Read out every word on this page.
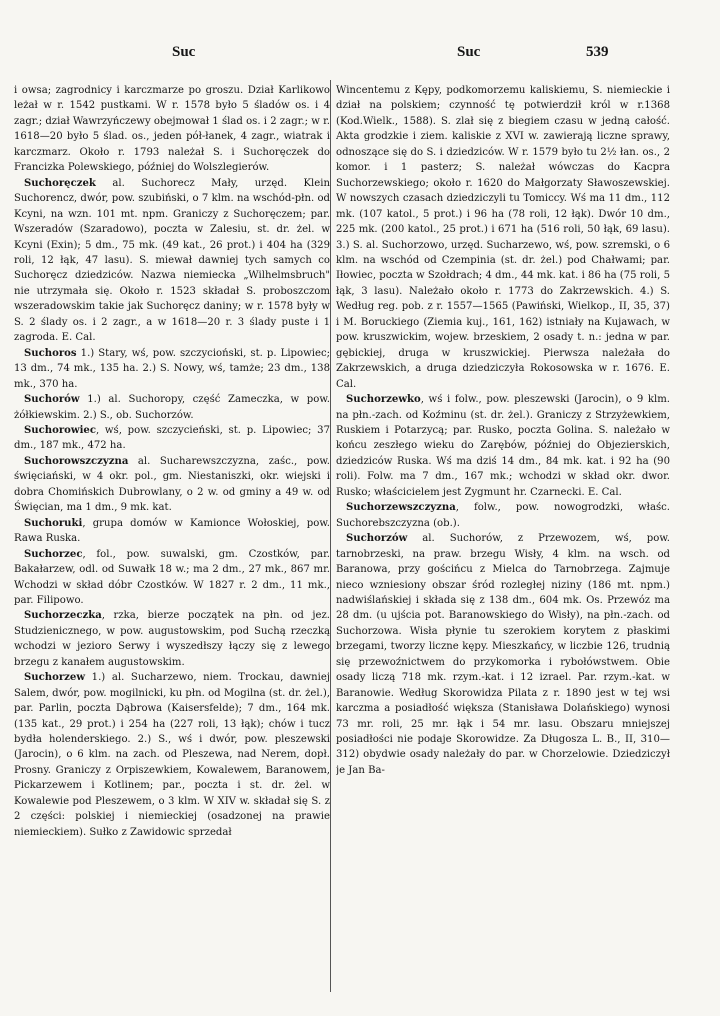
Suc	Suc	539

i owsa; zagrodnicy i karczmarze po groszu. Dział Karlikowo leżał w r. 1542 pustkami. W r. 1578 było 5 śladów os. i 4 zagr.; dział Wawrzyńczewy obejmował 1 ślad os. i 2 zagr.; w r. 1618—20 było 5 ślad. os., jeden pół-łanek, 4 zagr., wiatrak i karczmarz. Około r. 1793 należał S. i Suchoręczek do Francizka Polewskiego, później do Wolszlegierów.

Suchoręczek al. Suchorecz Mały, urzęd. Klein Suchorencz, dwór, pow. szubiński, o 7 klm. na wschód-płn. od Kcyni, na wzn. 101 mt. npm. Graniczy z Suchoręczem; par. Wszeradów (Szaradowo), poczta w Zalesiu, st. dr. żel. w Kcyni (Exin); 5 dm., 75 mk. (49 kat., 26 prot.) i 404 ha (329 roli, 12 łąk, 47 lasu). S. miewał dawniej tych samych co Suchoręcz dziedziców. Nazwa niemiecka „Wilhelmsbruch" nie utrzymała się. Około r. 1523 składał S. proboszczom wszeradowskim takie jak Suchoręcz daniny; w r. 1578 były w S. 2 ślady os. i 2 zagr., a w 1618—20 r. 3 ślady puste i 1 zagroda. E. Cal.

Suchoros 1.) Stary, wś, pow. szczycioński, st. p. Lipowiec; 13 dm., 74 mk., 135 ha. 2.) S. Nowy, wś, tamże; 23 dm., 138 mk., 370 ha.

Suchorów 1.) al. Suchoropy, część Zameczka, w pow. żółkiewskim. 2.) S., ob. Suchorzów.

Suchorowiec, wś, pow. szczycieński, st. p. Lipowiec; 37 dm., 187 mk., 472 ha.

Suchorowszczyzna al. Sucharewszczyzna, zaśc., pow. święciański, w 4 okr. pol., gm. Niestaniszki, okr. wiejski i dobra Chomińskich Dubrowlany, o 2 w. od gminy a 49 w. od Święcian, ma 1 dm., 9 mk. kat.

Suchoruki, grupa domów w Kamionce Wołoskiej, pow. Rawa Ruska.

Suchorzec, fol., pow. suwalski, gm. Czostków, par. Bakałarzew, odl. od Suwałk 18 w.; ma 2 dm., 27 mk., 867 mr. Wchodzi w skład dóbr Czostków. W 1827 r. 2 dm., 11 mk., par. Filipowo.

Suchorzeczka, rzka, bierze początek na płn. od jez. Studzienicznego, w pow. augustowskim, pod Suchą rzeczką wchodzi w jezioro Serwy i wyszedłszy łączy się z lewego brzegu z kanałem augustowskim.

Suchorzew 1.) al. Sucharzewo, niem. Trockau, dawniej Salem, dwór, pow. mogilnicki, ku płn. od Mogilna (st. dr. żel.), par. Parlin, poczta Dąbrowa (Kaisersfelde); 7 dm., 164 mk. (135 kat., 29 prot.) i 254 ha (227 roli, 13 łąk); chów i tucz bydła holenderskiego. 2.) S., wś i dwór, pow. pleszewski (Jarocin), o 6 klm. na zach. od Pleszewa, nad Nerem, dopł. Prosny. Graniczy z Orpiszewkiem, Kowalewem, Baranowem, Pickarzewem i Kotlinem; par., poczta i st. dr. żel. w Kowalewie pod Pleszewem, o 3 klm. W XIV w. składał się S. z 2 części: polskiej i niemieckiej (osadzonej na prawie niemieckiem). Sułko z Zawidowic sprzedał

Wincentemu z Kępy, podkomorzemu kaliskiemu, S. niemieckie i dział na polskiem; czynność tę potwierdził król w r.1368 (Kod.Wielk., 1588). S. zlał się z biegiem czasu w jedną całość. Akta grodzkie i ziem. kaliskie z XVI w. zawierają liczne sprawy, odnoszące się do S. i dziedziców. W r. 1579 było tu 2½ łan. os., 2 komor. i 1 pasterz; S. należał wówczas do Kacpra Suchorzewskiego; około r. 1620 do Małgorzaty Sławoszewskiej. W nowszych czasach dziedziczyli tu Tomiccy. Wś ma 11 dm., 112 mk. (107 katol., 5 prot.) i 96 ha (78 roli, 12 łąk). Dwór 10 dm., 225 mk. (200 katol., 25 prot.) i 671 ha (516 roli, 50 łąk, 69 lasu). 3.) S. al. Suchorzowo, urzęd. Sucharzewo, wś, pow. szremski, o 6 klm. na wschód od Czempinia (st. dr. żel.) pod Chałwami; par. Iłowiec, poczta w Szołdrach; 4 dm., 44 mk. kat. i 86 ha (75 roli, 5 łąk, 3 lasu). Należało około r. 1773 do Zakrzewskich. 4.) S. Według reg. pob. z r. 1557—1565 (Pawiński, Wielkop., II, 35, 37) i M. Boruckiego (Ziemia kuj., 161, 162) istniały na Kujawach, w pow. kruszwickim, wojew. brzeskiem, 2 osady t. n.: jedna w par. gębickiej, druga w kruszwickiej. Pierwsza należała do Zakrzewskich, a druga dziedziczyła Rokosowska w r. 1676. E. Cal.

Suchorzewko, wś i folw., pow. pleszewski (Jarocin), o 9 klm. na płn.-zach. od Koźminu (st. dr. żel.). Graniczy z Strzyżewkiem, Ruskiem i Potarzycą; par. Rusko, poczta Golina. S. należało w końcu zeszłego wieku do Zarębów, później do Objezierskich, dziedziców Ruska. Wś ma dziś 14 dm., 84 mk. kat. i 92 ha (90 roli). Folw. ma 7 dm., 167 mk.; wchodzi w skład okr. dwor. Rusko; właścicielem jest Zygmunt hr. Czarnecki. E. Cal.

Suchorzewszczyzna, folw., pow. nowogrodzki, właśc. Suchorebszczyzna (ob.).

Suchorzów al. Suchorów, z Przewozem, wś, pow. tarnobrzeski, na praw. brzegu Wisły, 4 klm. na wsch. od Baranowa, przy gościńcu z Mielca do Tarnobrzega. Zajmuje nieco wzniesiony obszar śród rozległej niziny (186 mt. npm.) nadwiślańskiej i składa się z 138 dm., 604 mk. Os. Przewóz ma 28 dm. (u ujścia pot. Baranowskiego do Wisły), na płn.-zach. od Suchorzowa. Wisła płynie tu szerokiem korytem z płaskimi brzegami, tworzy liczne kępy. Mieszkańcy, w liczbie 126, trudnią się przewoźnictwem do przykomorka i rybołówstwem. Obie osady liczą 718 mk. rzym.-kat. i 12 izrael. Par. rzym.-kat. w Baranowie. Według Skorowidza Pilata z r. 1890 jest w tej wsi karczma a posiadłość większa (Stanisława Dolańskiego) wynosi 73 mr. roli, 25 mr. łąk i 54 mr. lasu. Obszaru mniejszej posiadłości nie podaje Skorowidze. Za Długosza L. B., II, 310—312) obydwie osady należały do par. w Chorzelowie. Dziedziczył je Jan Ba-
